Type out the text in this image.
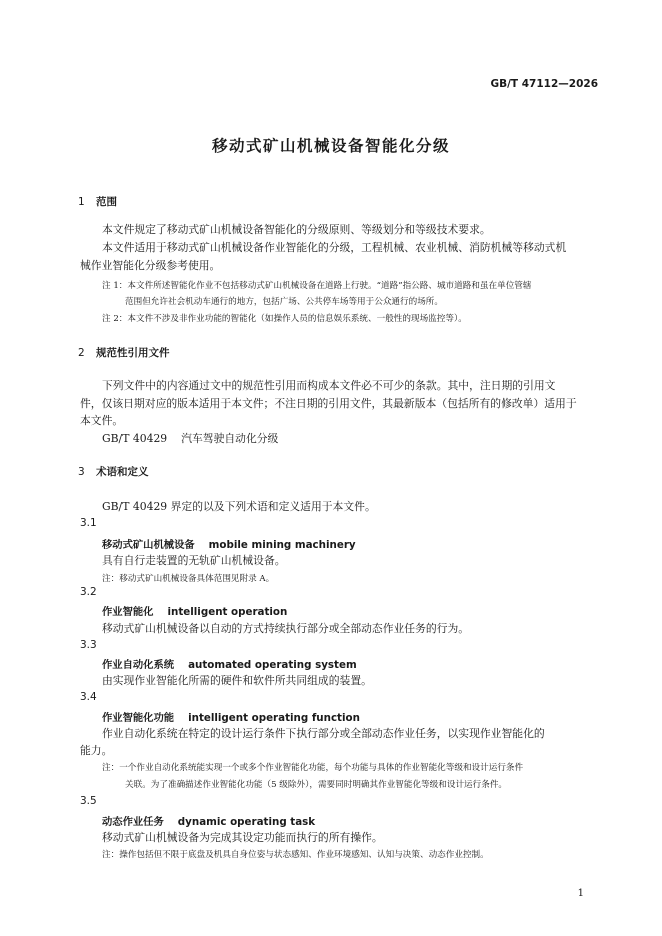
GB/T 47112—2026
移动式矿山机械设备智能化分级
1 范围
本文件规定了移动式矿山机械设备智能化的分级原则、等级划分和等级技术要求。
本文件适用于移动式矿山机械设备作业智能化的分级，工程机械、农业机械、消防机械等移动式机
械作业智能化分级参考使用。
注 1：本文件所述智能化作业不包括移动式矿山机械设备在道路上行驶。“道路”指公路、城市道路和虽在单位管辖
范围但允许社会机动车通行的地方，包括广场、公共停车场等用于公众通行的场所。
注 2：本文件不涉及非作业功能的智能化（如操作人员的信息娱乐系统、一般性的现场监控等）。
2 规范性引用文件
下列文件中的内容通过文中的规范性引用而构成本文件必不可少的条款。其中，注日期的引用文
件，仅该日期对应的版本适用于本文件；不注日期的引用文件，其最新版本（包括所有的修改单）适用于
本文件。
GB/T 40429 汽车驾驶自动化分级
3 术语和定义
GB/T 40429 界定的以及下列术语和定义适用于本文件。
3.1
移动式矿山机械设备 mobile mining machinery
具有自行走装置的无轨矿山机械设备。
注：移动式矿山机械设备具体范围见附录 A。
3.2
作业智能化 intelligent operation
移动式矿山机械设备以自动的方式持续执行部分或全部动态作业任务的行为。
3.3
作业自动化系统 automated operating system
由实现作业智能化所需的硬件和软件所共同组成的装置。
3.4
作业智能化功能 intelligent operating function
作业自动化系统在特定的设计运行条件下执行部分或全部动态作业任务，以实现作业智能化的
能力。
注：一个作业自动化系统能实现一个或多个作业智能化功能，每个功能与具体的作业智能化等级和设计运行条件
关联。为了准确描述作业智能化功能（5 级除外），需要同时明确其作业智能化等级和设计运行条件。
3.5
动态作业任务 dynamic operating task
移动式矿山机械设备为完成其设定功能而执行的所有操作。
注：操作包括但不限于底盘及机具自身位姿与状态感知、作业环境感知、认知与决策、动态作业控制。
1
